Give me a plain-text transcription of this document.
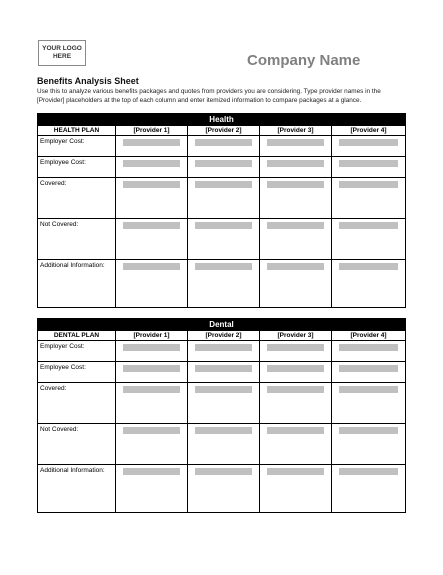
YOUR LOGO
HERE	Company Name
Benefits Analysis Sheet
Use this to analyze various benefits packages and quotes from providers you are considering. Type provider names in the [Provider] placeholders at the top of each column and enter itemized information to compare packages at a glance.
Health				
HEALTH PLAN	[Provider 1]	[Provider 2]	[Provider 3]	[Provider 4]
Employer Cost:	

Employee Cost:	

Covered:	

Not Covered:	

Additional Information:	

Dental				
DENTAL PLAN	[Provider 1]	[Provider 2]	[Provider 3]	[Provider 4]
Employer Cost:	

Employee Cost:	

Covered:	

Not Covered:	

Additional Information:	
